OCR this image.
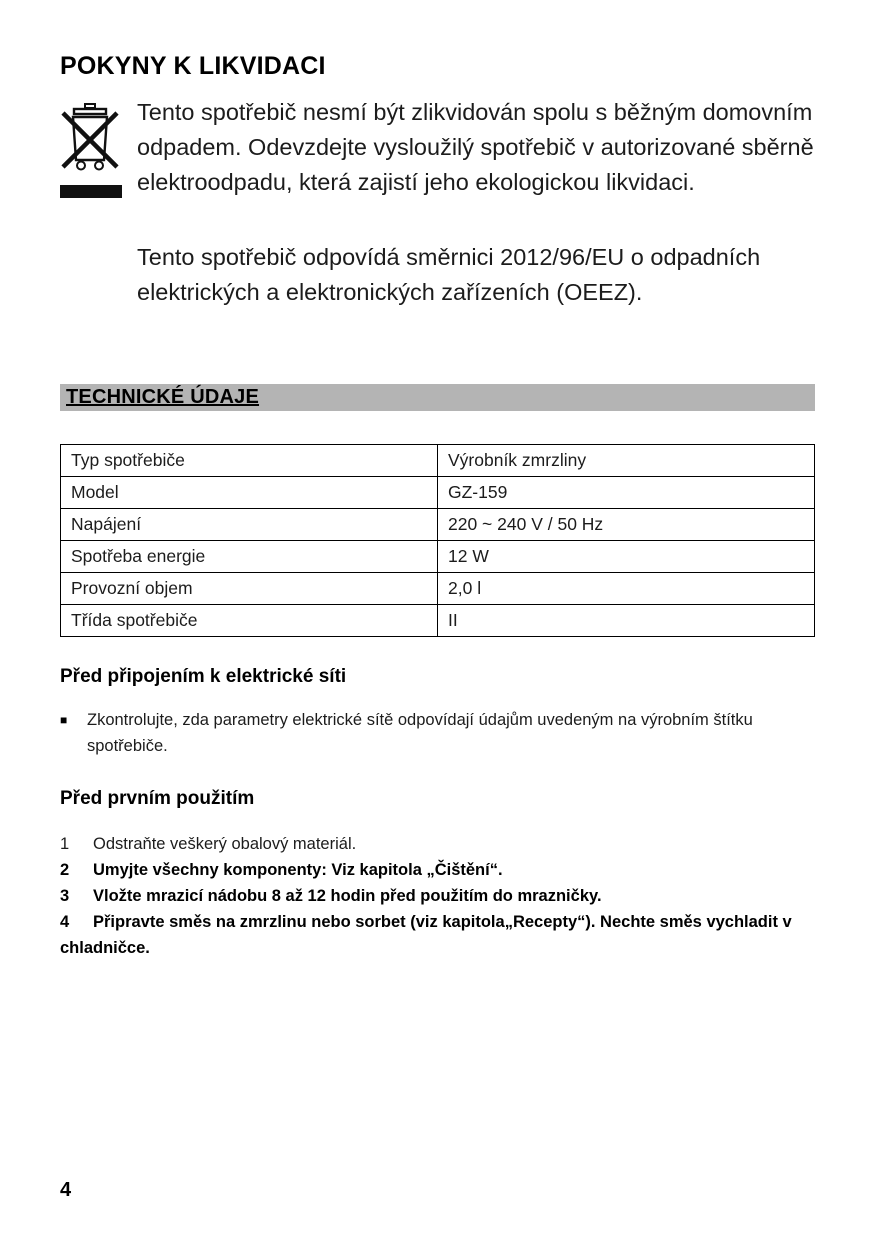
POKYNY K LIKVIDACI

Tento spotřebič nesmí být zlikvidován spolu s běžným domovním odpadem. Odevzdejte vysloužilý spotřebič v autorizované sběrně elektroodpadu, která zajistí jeho ekologickou likvidaci.

Tento spotřebič odpovídá směrnici 2012/96/EU o odpadních elektrických a elektronických zařízeních (OEEZ).

TECHNICKÉ ÚDAJE
Typ spotřebiče	Výrobník zmrzliny
Model	GZ-159
Napájení	220 ~ 240 V / 50 Hz
Spotřeba energie	12 W
Provozní objem	2,0 l
Třída spotřebiče	II
Před připojením k elektrické síti
■	Zkontrolujte, zda parametry elektrické sítě odpovídají údajům uvedeným na výrobním štítku spotřebiče.
Před prvním použitím
1 Odstraňte veškerý obalový materiál.
2 Umyjte všechny komponenty: Viz kapitola „Čištění“.
3 Vložte mrazicí nádobu 8 až 12 hodin před použitím do mrazničky.
4 Připravte směs na zmrzlinu nebo sorbet (viz kapitola„Recepty“). Nechte směs vychladit v chladničce.
4
